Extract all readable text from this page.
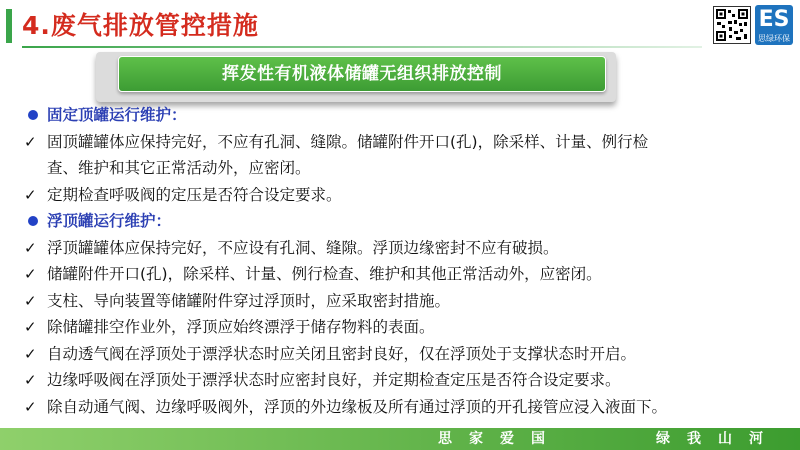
4.废气排放管控措施	ES
思绿环保
挥发性有机液体储罐无组织排放控制
固定顶罐运行维护：
✓ 固顶罐罐体应保持完好，不应有孔洞、缝隙。储罐附件开口(孔)，除采样、计量、例行检
查、维护和其它正常活动外，应密闭。
✓ 定期检查呼吸阀的定压是否符合设定要求。
浮顶罐运行维护：
✓ 浮顶罐罐体应保持完好，不应设有孔洞、缝隙。浮顶边缘密封不应有破损。
✓ 储罐附件开口(孔)，除采样、计量、例行检查、维护和其他正常活动外，应密闭。
✓ 支柱、导向装置等储罐附件穿过浮顶时，应采取密封措施。
✓ 除储罐排空作业外，浮顶应始终漂浮于储存物料的表面。
✓ 自动透气阀在浮顶处于漂浮状态时应关闭且密封良好，仅在浮顶处于支撑状态时开启。
✓ 边缘呼吸阀在浮顶处于漂浮状态时应密封良好，并定期检查定压是否符合设定要求。
✓ 除自动通气阀、边缘呼吸阀外，浮顶的外边缘板及所有通过浮顶的开孔接管应浸入液面下。
思家爱国	绿我山河
